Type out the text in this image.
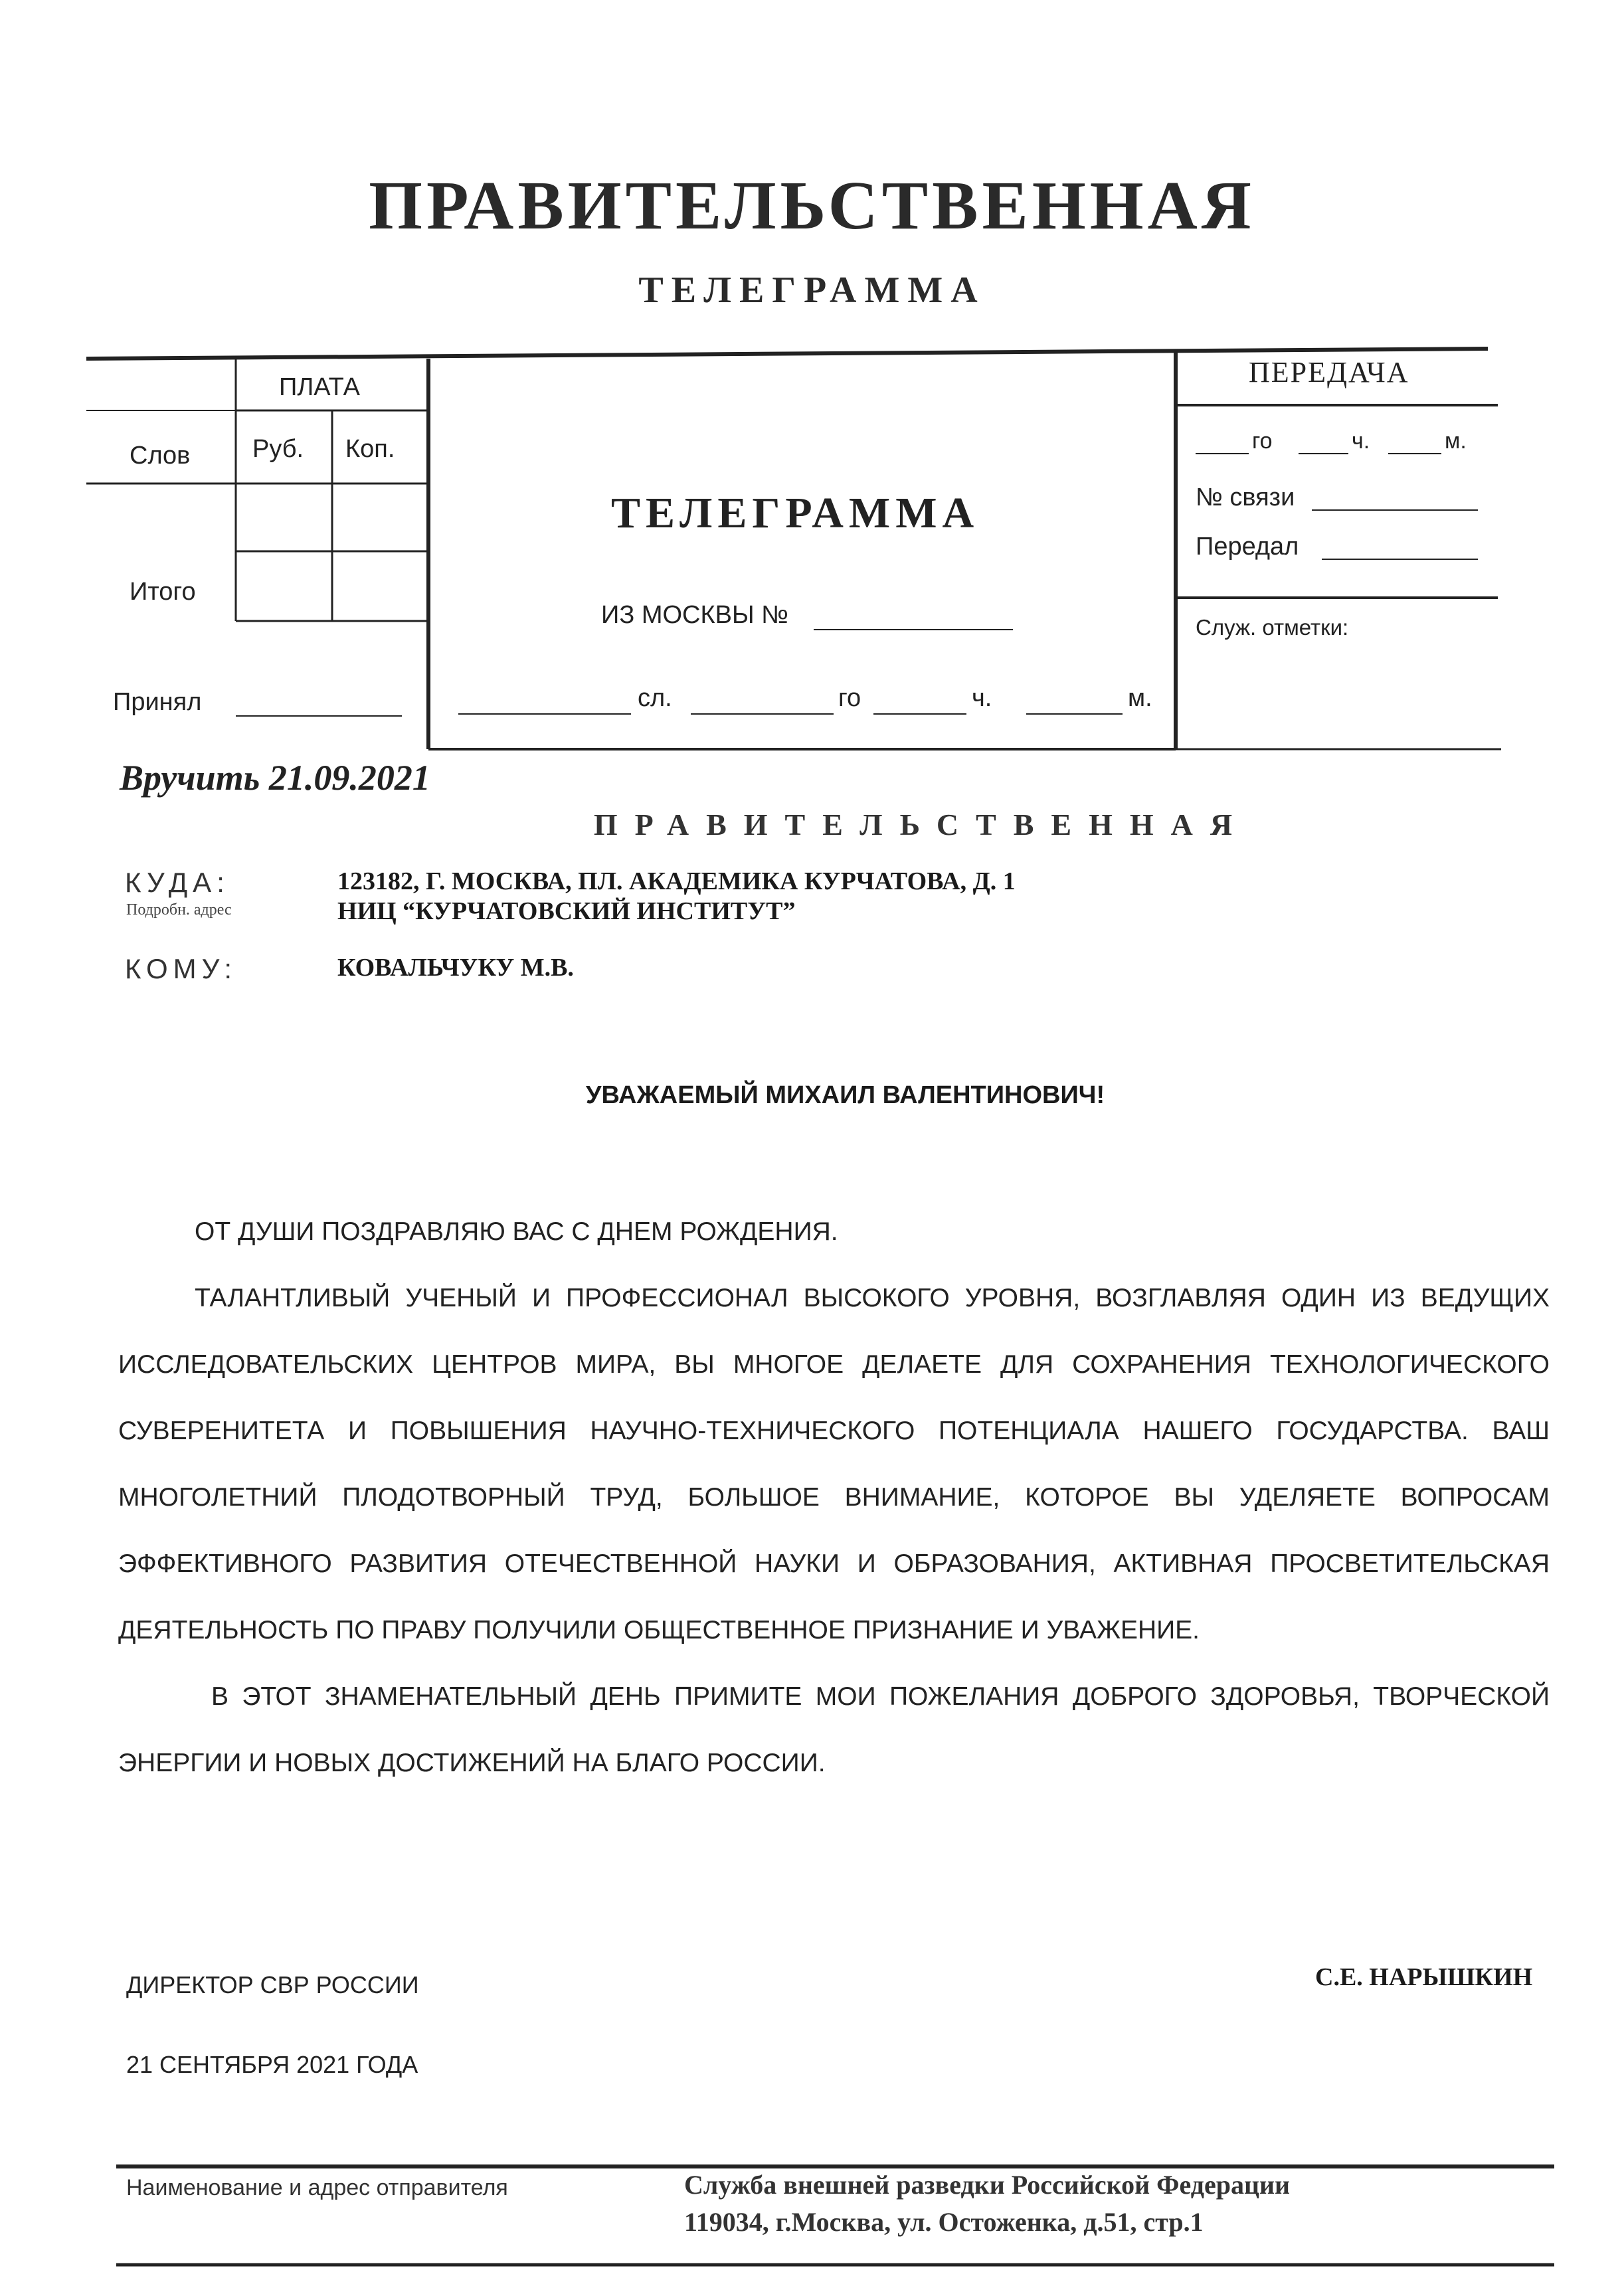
ПРАВИТЕЛЬСТВЕННАЯ
ТЕЛЕГРАММА
ПЛАТА
Слов Руб. Коп.
Итого
Принял
ТЕЛЕГРАММА
ИЗ МОСКВЫ №
сл.	го	ч.	м.
ПЕРЕДАЧА
го	ч.	м.
№ связи
Передал
Служ. отметки:
Вручить 21.09.2021
ПРАВИТЕЛЬСТВЕННАЯ
КУДА:
Подробн. адрес
123182, Г. МОСКВА, ПЛ. АКАДЕМИКА КУРЧАТОВА, Д. 1
НИЦ “КУРЧАТОВСКИЙ ИНСТИТУТ”
КОМУ:	КОВАЛЬЧУКУ М.В.
УВАЖАЕМЫЙ МИХАИЛ ВАЛЕНТИНОВИЧ!

ОТ ДУШИ ПОЗДРАВЛЯЮ ВАС С ДНЕМ РОЖДЕНИЯ.

ТАЛАНТЛИВЫЙ УЧЕНЫЙ И ПРОФЕССИОНАЛ ВЫСОКОГО УРОВНЯ, ВОЗГЛАВЛЯЯ ОДИН ИЗ ВЕДУЩИХ ИССЛЕДОВАТЕЛЬСКИХ ЦЕНТРОВ МИРА, ВЫ МНОГОЕ ДЕЛАЕТЕ ДЛЯ СОХРАНЕНИЯ ТЕХНОЛОГИЧЕСКОГО СУВЕРЕНИТЕТА И ПОВЫШЕНИЯ НАУЧНО-ТЕХНИЧЕСКОГО ПОТЕНЦИАЛА НАШЕГО ГОСУДАРСТВА. ВАШ МНОГОЛЕТНИЙ ПЛОДОТВОРНЫЙ ТРУД, БОЛЬШОЕ ВНИМАНИЕ, КОТОРОЕ ВЫ УДЕЛЯЕТЕ ВОПРОСАМ ЭФФЕКТИВНОГО РАЗВИТИЯ ОТЕЧЕСТВЕННОЙ НАУКИ И ОБРАЗОВАНИЯ, АКТИВНАЯ ПРОСВЕТИТЕЛЬСКАЯ ДЕЯТЕЛЬНОСТЬ ПО ПРАВУ ПОЛУЧИЛИ ОБЩЕСТВЕННОЕ ПРИЗНАНИЕ И УВАЖЕНИЕ.

В ЭТОТ ЗНАМЕНАТЕЛЬНЫЙ ДЕНЬ ПРИМИТЕ МОИ ПОЖЕЛАНИЯ ДОБРОГО ЗДОРОВЬЯ, ТВОРЧЕСКОЙ ЭНЕРГИИ И НОВЫХ ДОСТИЖЕНИЙ НА БЛАГО РОССИИ.

ДИРЕКТОР СВР РОССИИ	С.Е. НАРЫШКИН
21 СЕНТЯБРЯ 2021 ГОДА
Наименование и адрес отправителя	Служба внешней разведки Российской Федерации
119034, г.Москва, ул. Остоженка, д.51, стр.1
